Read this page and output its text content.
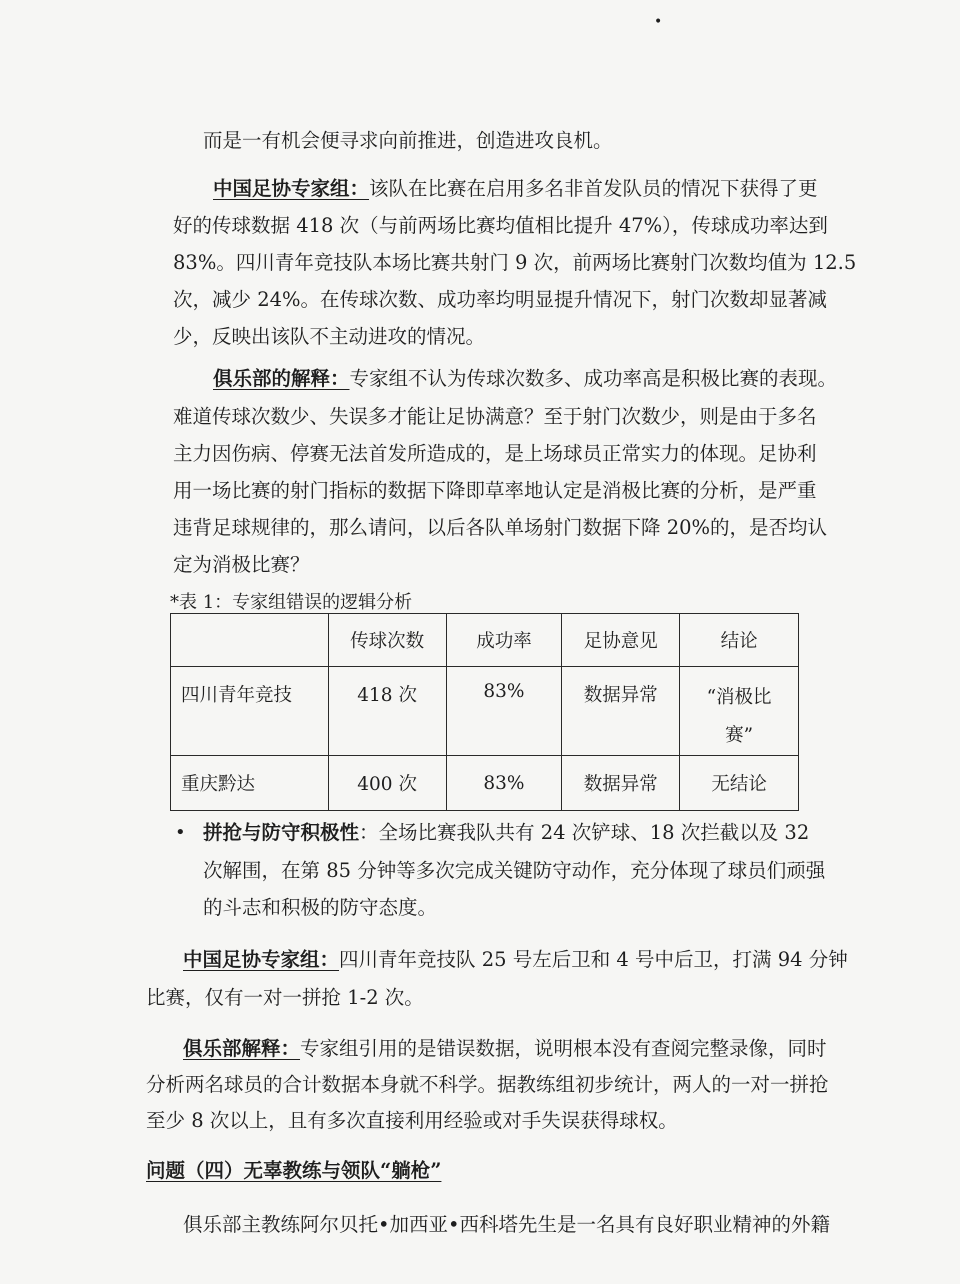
•
而是一有机会便寻求向前推进，创造进攻良机。
中国足协专家组：该队在比赛在启用多名非首发队员的情况下获得了更
好的传球数据 418 次（与前两场比赛均值相比提升 47%），传球成功率达到
83%。四川青年竞技队本场比赛共射门 9 次，前两场比赛射门次数均值为 12.5
次，减少 24%。在传球次数、成功率均明显提升情况下，射门次数却显著减
少，反映出该队不主动进攻的情况。
俱乐部的解释：专家组不认为传球次数多、成功率高是积极比赛的表现。
难道传球次数少、失误多才能让足协满意？至于射门次数少，则是由于多名
主力因伤病、停赛无法首发所造成的，是上场球员正常实力的体现。足协利
用一场比赛的射门指标的数据下降即草率地认定是消极比赛的分析，是严重
违背足球规律的，那么请问，以后各队单场射门数据下降 20%的，是否均认
定为消极比赛？
*表 1：专家组错误的逻辑分析
	传球次数	成功率	足协意见	结论
四川青年竞技	418 次	83%	数据异常	“消极比
赛”
重庆黔达	400 次	83%	数据异常	无结论
• 拼抢与防守积极性：全场比赛我队共有 24 次铲球、18 次拦截以及 32
次解围，在第 85 分钟等多次完成关键防守动作，充分体现了球员们顽强
的斗志和积极的防守态度。
中国足协专家组：四川青年竞技队 25 号左后卫和 4 号中后卫，打满 94 分钟
比赛，仅有一对一拼抢 1-2 次。
俱乐部解释：专家组引用的是错误数据，说明根本没有查阅完整录像，同时
分析两名球员的合计数据本身就不科学。据教练组初步统计，两人的一对一拼抢
至少 8 次以上，且有多次直接利用经验或对手失误获得球权。
问题（四）无辜教练与领队“躺枪”
俱乐部主教练阿尔贝托•加西亚•西科塔先生是一名具有良好职业精神的外籍
